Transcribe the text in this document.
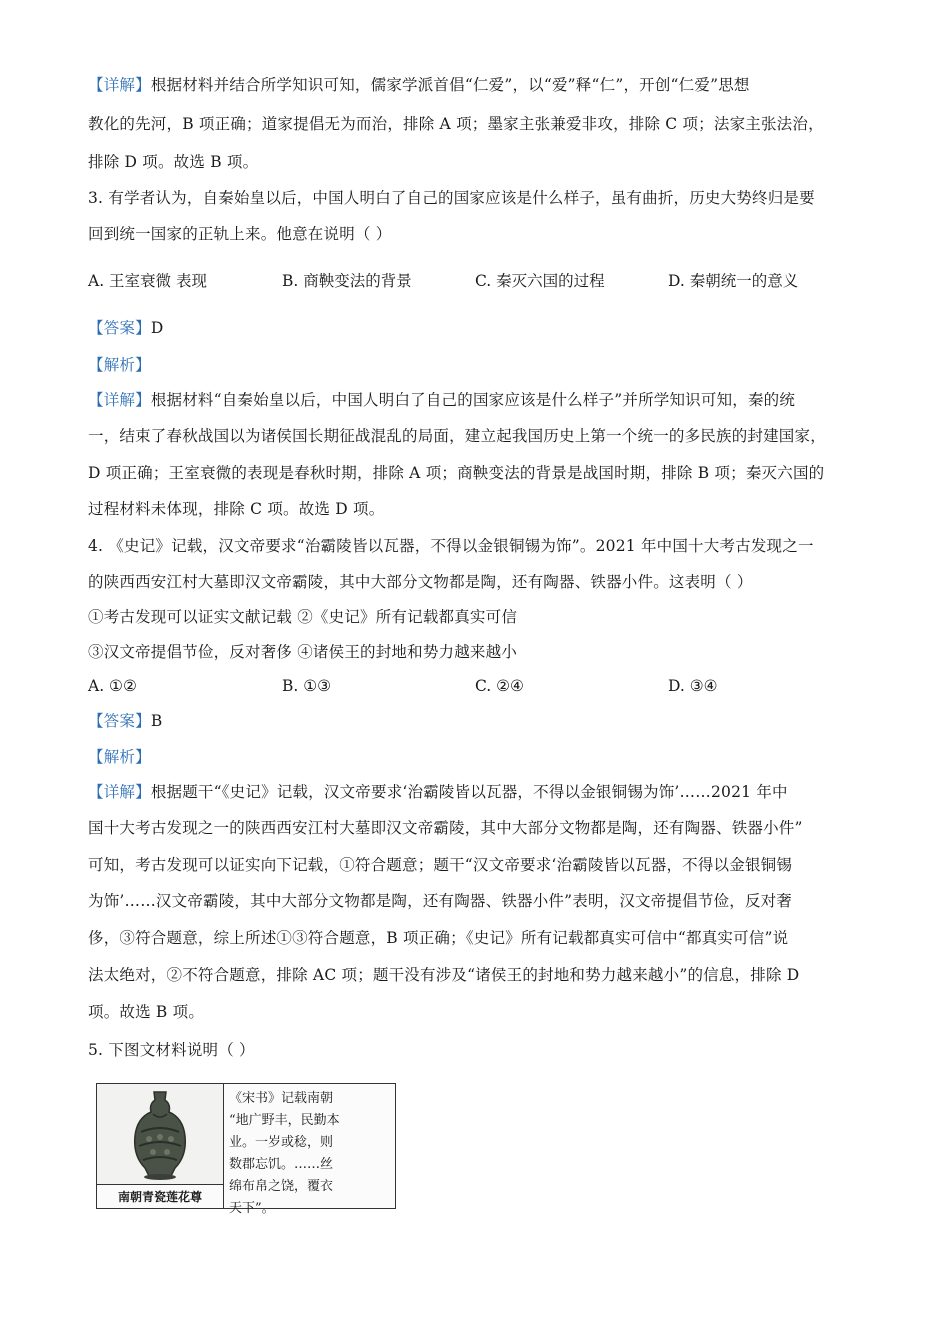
【详解】根据材料并结合所学知识可知，儒家学派首倡“仁爱”，以“爱”释“仁”，开创“仁爱”思想
教化的先河，B 项正确；道家提倡无为而治，排除 A 项；墨家主张兼爱非攻，排除 C 项；法家主张法治，
排除 D 项。故选 B 项。
3. 有学者认为，自秦始皇以后，中国人明白了自己的国家应该是什么样子，虽有曲折，历史大势终归是要
回到统一国家的正轨上来。他意在说明（ ）
A. 王室衰微 表现	B. 商鞅变法的背景	C. 秦灭六国的过程	D. 秦朝统一的意义
【答案】D
【解析】
【详解】根据材料“自秦始皇以后，中国人明白了自己的国家应该是什么样子”并所学知识可知，秦的统
一，结束了春秋战国以为诸侯国长期征战混乱的局面，建立起我国历史上第一个统一的多民族的封建国家，
D 项正确；王室衰微的表现是春秋时期，排除 A 项；商鞅变法的背景是战国时期，排除 B 项；秦灭六国的
过程材料未体现，排除 C 项。故选 D 项。
4. 《史记》记载，汉文帝要求“治霸陵皆以瓦器，不得以金银铜锡为饰”。2021 年中国十大考古发现之一
的陕西西安江村大墓即汉文帝霸陵，其中大部分文物都是陶，还有陶器、铁器小件。这表明（ ）
①考古发现可以证实文献记载 ②《史记》所有记载都真实可信
③汉文帝提倡节俭，反对奢侈 ④诸侯王的封地和势力越来越小
A. ①②	B. ①③	C. ②④	D. ③④
【答案】B
【解析】
【详解】根据题干“《史记》记载，汉文帝要求‘治霸陵皆以瓦器，不得以金银铜锡为饰’……2021 年中
国十大考古发现之一的陕西西安江村大墓即汉文帝霸陵，其中大部分文物都是陶，还有陶器、铁器小件”
可知，考古发现可以证实向下记载，①符合题意；题干“汉文帝要求‘治霸陵皆以瓦器，不得以金银铜锡
为饰’……汉文帝霸陵，其中大部分文物都是陶，还有陶器、铁器小件”表明，汉文帝提倡节俭，反对奢
侈，③符合题意，综上所述①③符合题意，B 项正确；《史记》所有记载都真实可信中“都真实可信”说
法太绝对，②不符合题意，排除 AC 项；题干没有涉及“诸侯王的封地和势力越来越小”的信息，排除 D
项。故选 B 项。
5. 下图文材料说明（ ）
南朝青瓷莲花尊
《宋书》记载南朝
“地广野丰，民勤本
业。一岁或稔，则
数郡忘饥。……丝
绵布帛之饶，覆衣
天下”。
